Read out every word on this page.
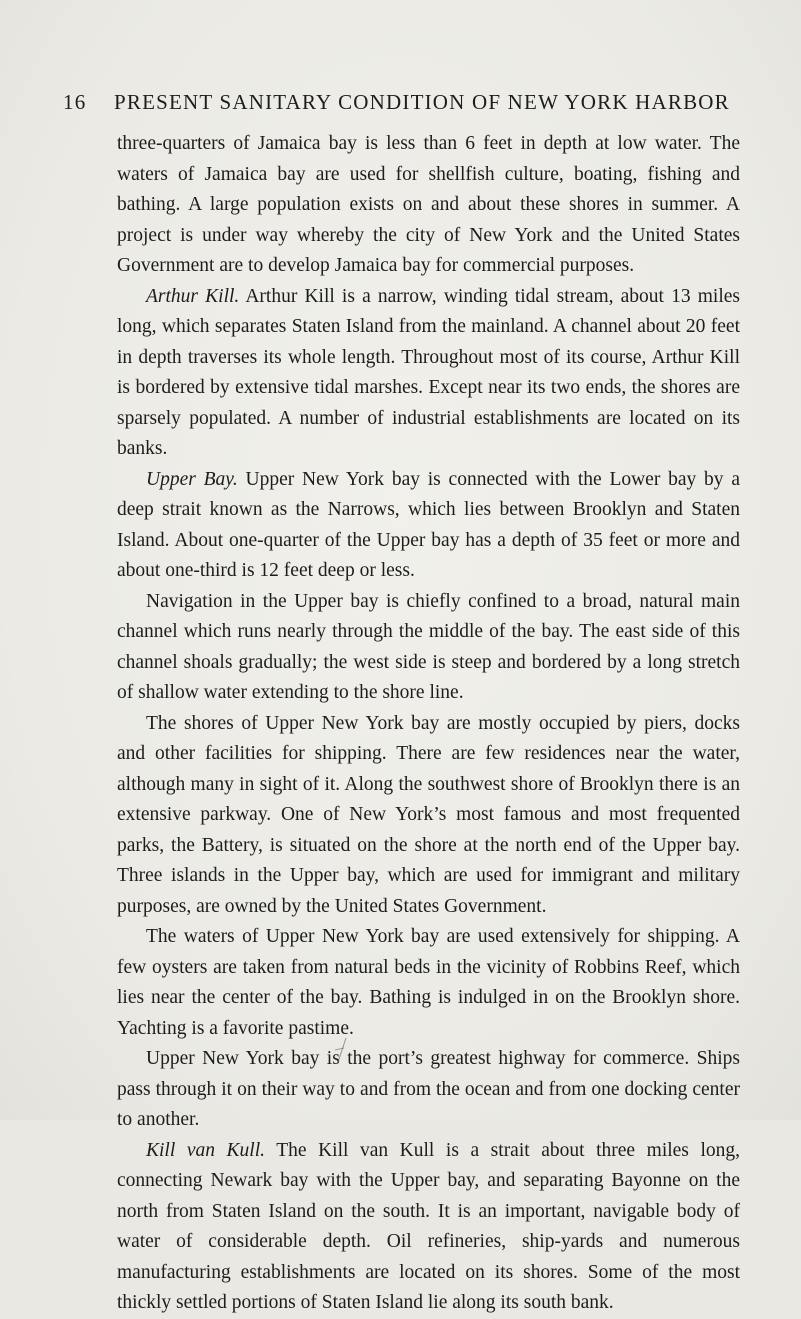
16 PRESENT SANITARY CONDITION OF NEW YORK HARBOR

three-quarters of Jamaica bay is less than 6 feet in depth at low water. The waters of Jamaica bay are used for shellfish culture, boating, fishing and bathing. A large population exists on and about these shores in summer. A project is under way whereby the city of New York and the United States Government are to develop Jamaica bay for commercial purposes.

Arthur Kill. Arthur Kill is a narrow, winding tidal stream, about 13 miles long, which separates Staten Island from the mainland. A channel about 20 feet in depth traverses its whole length. Throughout most of its course, Arthur Kill is bordered by extensive tidal marshes. Except near its two ends, the shores are sparsely populated. A number of industrial establishments are located on its banks.

Upper Bay. Upper New York bay is connected with the Lower bay by a deep strait known as the Narrows, which lies between Brooklyn and Staten Island. About one-quarter of the Upper bay has a depth of 35 feet or more and about one-third is 12 feet deep or less.

Navigation in the Upper bay is chiefly confined to a broad, natural main channel which runs nearly through the middle of the bay. The east side of this channel shoals gradually; the west side is steep and bordered by a long stretch of shallow water extending to the shore line.

The shores of Upper New York bay are mostly occupied by piers, docks and other facilities for shipping. There are few residences near the water, although many in sight of it. Along the southwest shore of Brooklyn there is an extensive parkway. One of New York’s most famous and most frequented parks, the Battery, is situated on the shore at the north end of the Upper bay. Three islands in the Upper bay, which are used for immigrant and military purposes, are owned by the United States Government.

The waters of Upper New York bay are used extensively for shipping. A few oysters are taken from natural beds in the vicinity of Robbins Reef, which lies near the center of the bay. Bathing is indulged in on the Brooklyn shore. Yachting is a favorite pastime.

Upper New York bay is the port’s greatest highway for commerce. Ships pass through it on their way to and from the ocean and from one docking center to another.

Kill van Kull. The Kill van Kull is a strait about three miles long, connecting Newark bay with the Upper bay, and separating Bayonne on the north from Staten Island on the south. It is an important, navigable body of water of considerable depth. Oil refineries, ship-yards and numerous manufacturing establishments are located on its shores. Some of the most thickly settled portions of Staten Island lie along its south bank.
